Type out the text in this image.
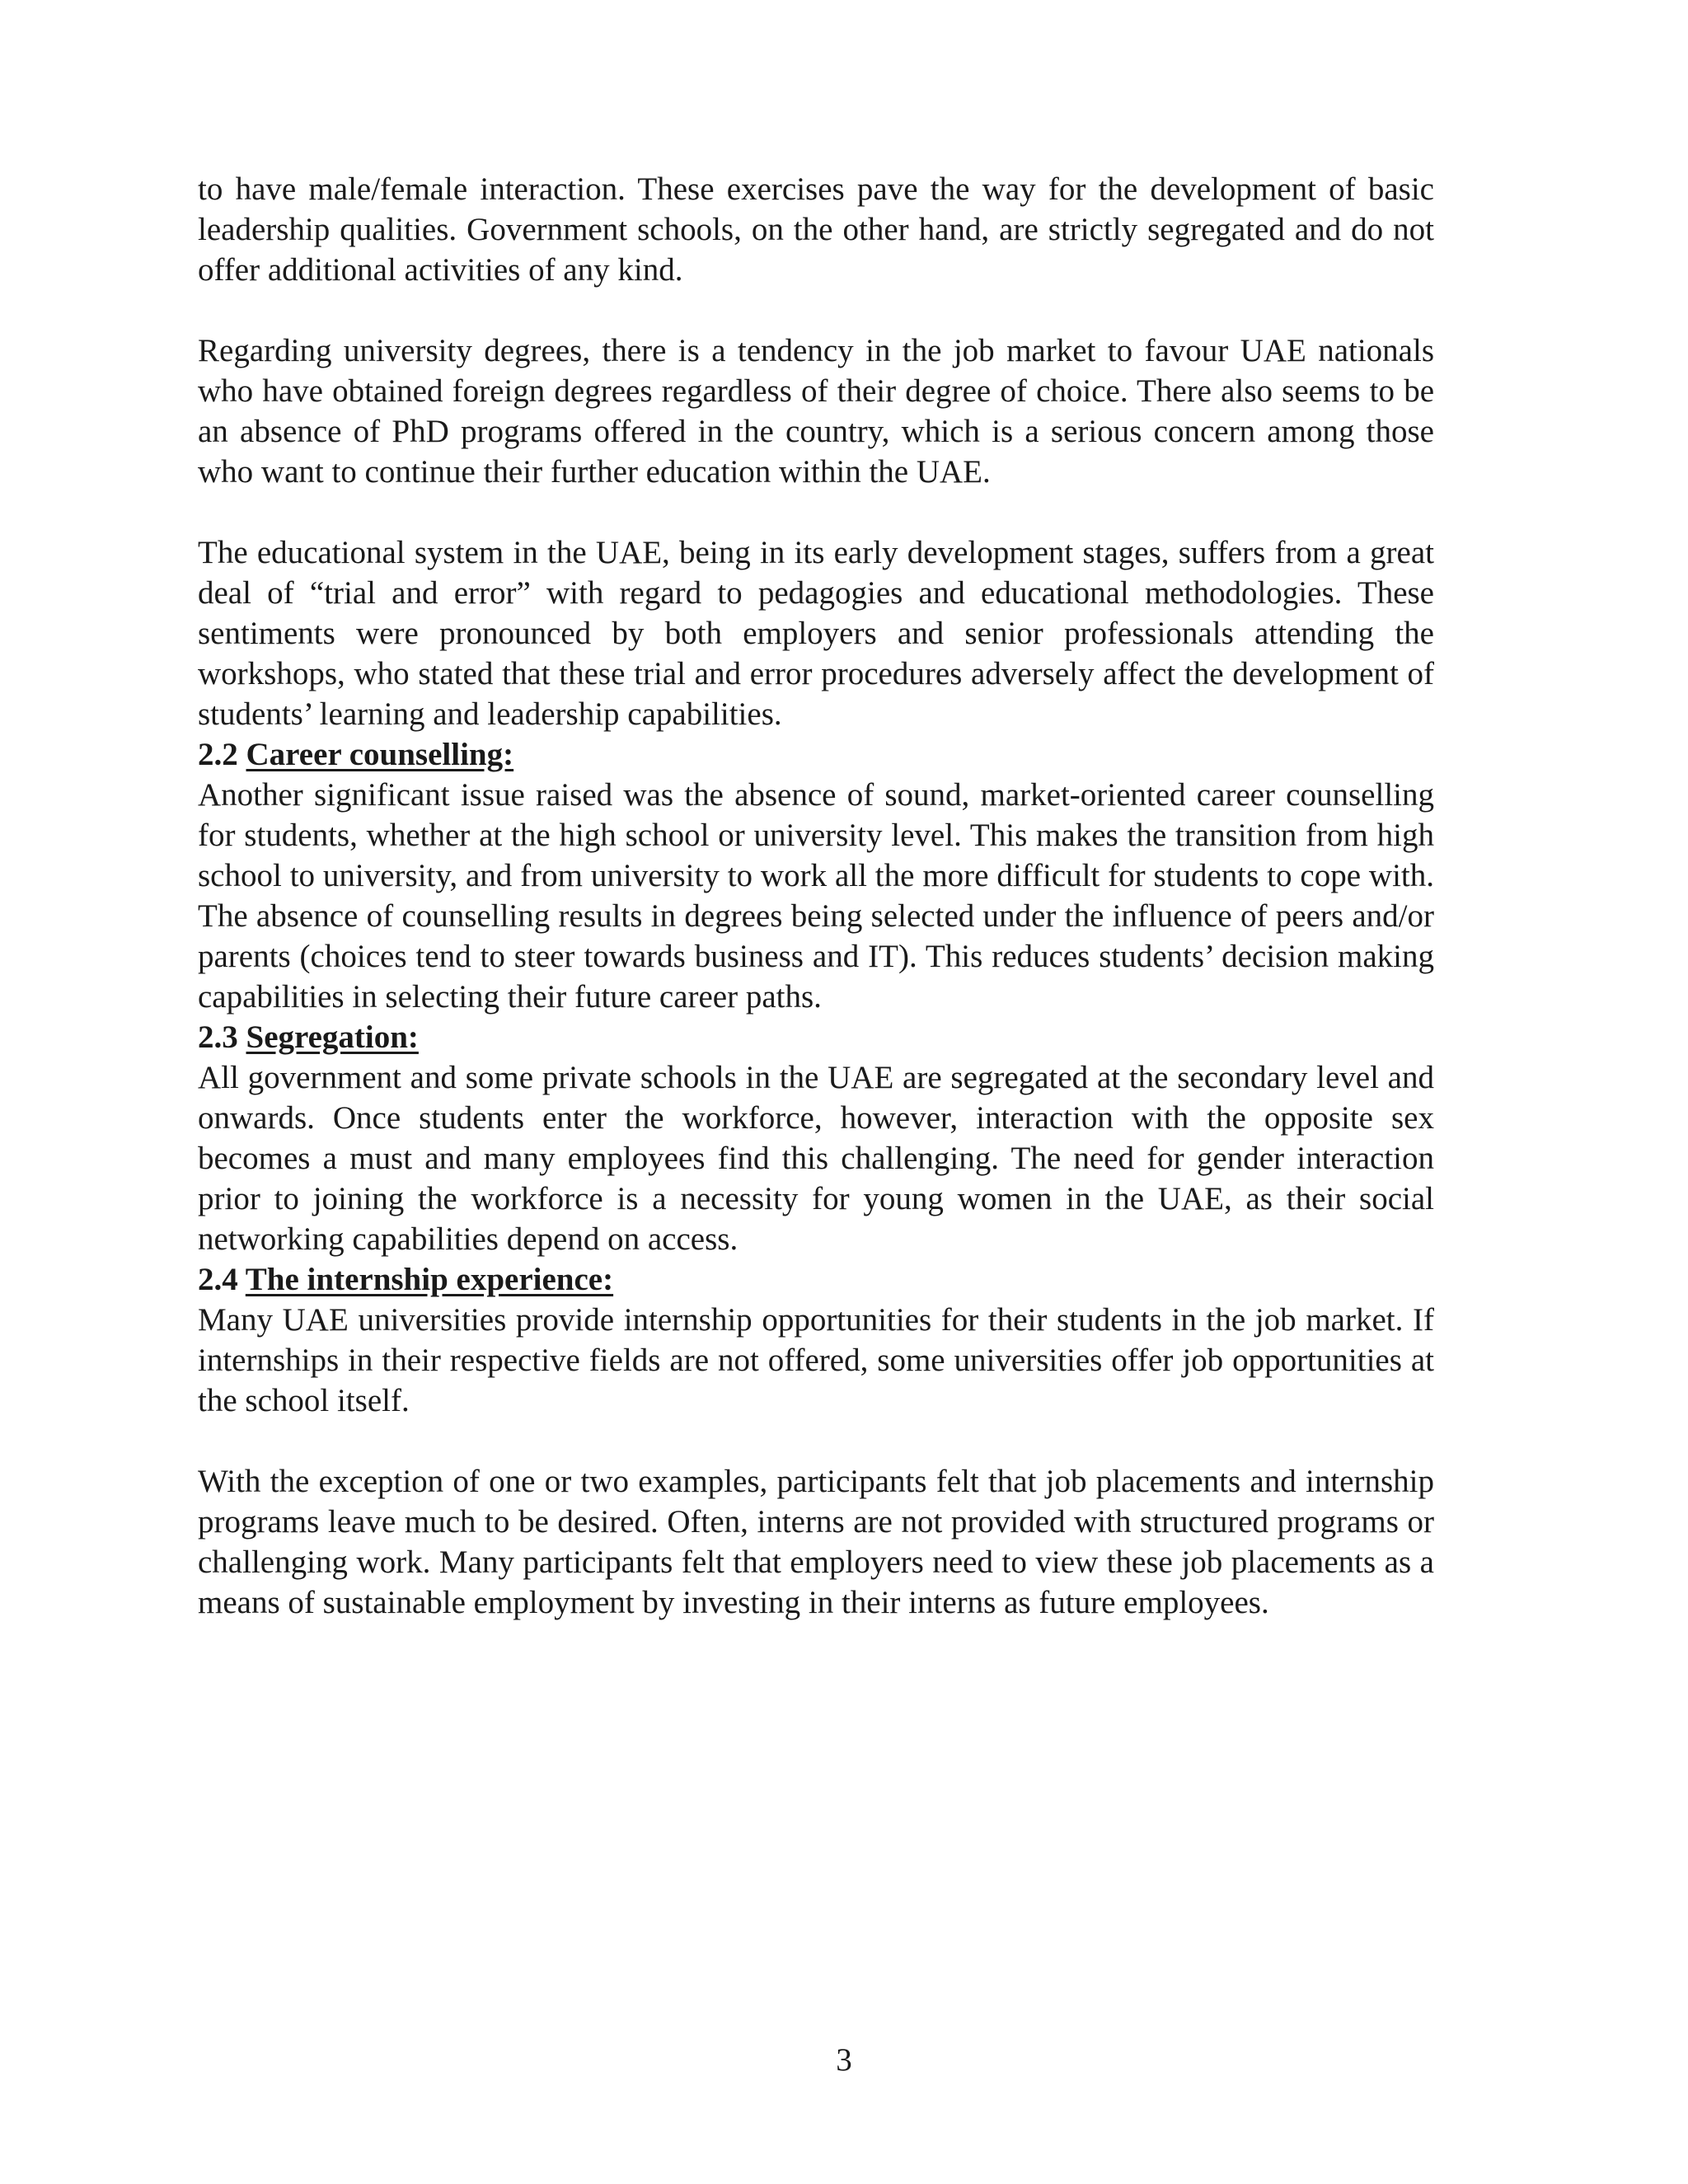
to have male/female interaction. These exercises pave the way for the development of basic leadership qualities. Government schools, on the other hand, are strictly segregated and do not offer additional activities of any kind.

Regarding university degrees, there is a tendency in the job market to favour UAE nationals who have obtained foreign degrees regardless of their degree of choice. There also seems to be an absence of PhD programs offered in the country, which is a serious concern among those who want to continue their further education within the UAE.

The educational system in the UAE, being in its early development stages, suffers from a great deal of “trial and error” with regard to pedagogies and educational methodologies. These sentiments were pronounced by both employers and senior professionals attending the workshops, who stated that these trial and error procedures adversely affect the development of students’ learning and leadership capabilities.

2.2 Career counselling:

Another significant issue raised was the absence of sound, market-oriented career counselling for students, whether at the high school or university level. This makes the transition from high school to university, and from university to work all the more difficult for students to cope with. The absence of counselling results in degrees being selected under the influence of peers and/or parents (choices tend to steer towards business and IT). This reduces students’ decision making capabilities in selecting their future career paths.

2.3 Segregation:

All government and some private schools in the UAE are segregated at the secondary level and onwards. Once students enter the workforce, however, interaction with the opposite sex becomes a must and many employees find this challenging. The need for gender interaction prior to joining the workforce is a necessity for young women in the UAE, as their social networking capabilities depend on access.

2.4 The internship experience:

Many UAE universities provide internship opportunities for their students in the job market. If internships in their respective fields are not offered, some universities offer job opportunities at the school itself.

With the exception of one or two examples, participants felt that job placements and internship programs leave much to be desired. Often, interns are not provided with structured programs or challenging work. Many participants felt that employers need to view these job placements as a means of sustainable employment by investing in their interns as future employees.

3
